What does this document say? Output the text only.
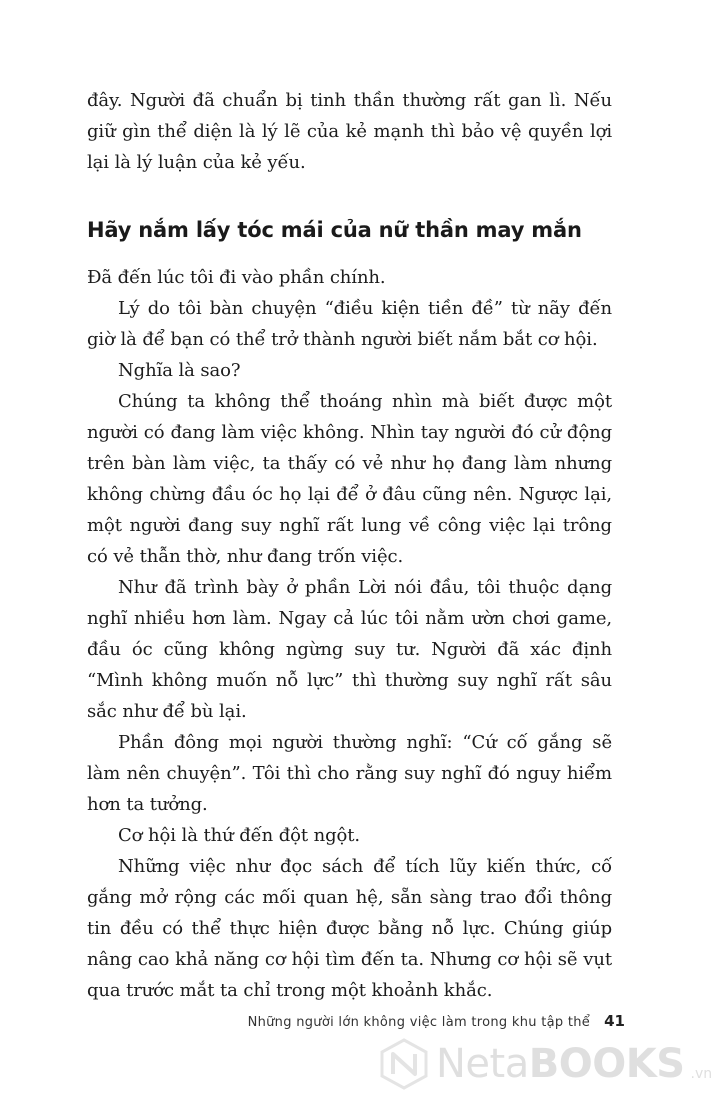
đây. Người đã chuẩn bị tinh thần thường rất gan lì. Nếu giữ gìn thể diện là lý lẽ của kẻ mạnh thì bảo vệ quyền lợi lại là lý luận của kẻ yếu.

Hãy nắm lấy tóc mái của nữ thần may mắn

Đã đến lúc tôi đi vào phần chính.

Lý do tôi bàn chuyện “điều kiện tiền đề” từ nãy đến giờ là để bạn có thể trở thành người biết nắm bắt cơ hội.

Nghĩa là sao?

Chúng ta không thể thoáng nhìn mà biết được một người có đang làm việc không. Nhìn tay người đó cử động trên bàn làm việc, ta thấy có vẻ như họ đang làm nhưng không chừng đầu óc họ lại để ở đâu cũng nên. Ngược lại, một người đang suy nghĩ rất lung về công việc lại trông có vẻ thẫn thờ, như đang trốn việc.

Như đã trình bày ở phần Lời nói đầu, tôi thuộc dạng nghĩ nhiều hơn làm. Ngay cả lúc tôi nằm ườn chơi game, đầu óc cũng không ngừng suy tư. Người đã xác định “Mình không muốn nỗ lực” thì thường suy nghĩ rất sâu sắc như để bù lại.

Phần đông mọi người thường nghĩ: “Cứ cố gắng sẽ làm nên chuyện”. Tôi thì cho rằng suy nghĩ đó nguy hiểm hơn ta tưởng.

Cơ hội là thứ đến đột ngột.

Những việc như đọc sách để tích lũy kiến thức, cố gắng mở rộng các mối quan hệ, sẵn sàng trao đổi thông tin đều có thể thực hiện được bằng nỗ lực. Chúng giúp nâng cao khả năng cơ hội tìm đến ta. Nhưng cơ hội sẽ vụt qua trước mắt ta chỉ trong một khoảnh khắc.

Những người lớn không việc làm trong khu tập thể 41
NetaBOOKS .vn
